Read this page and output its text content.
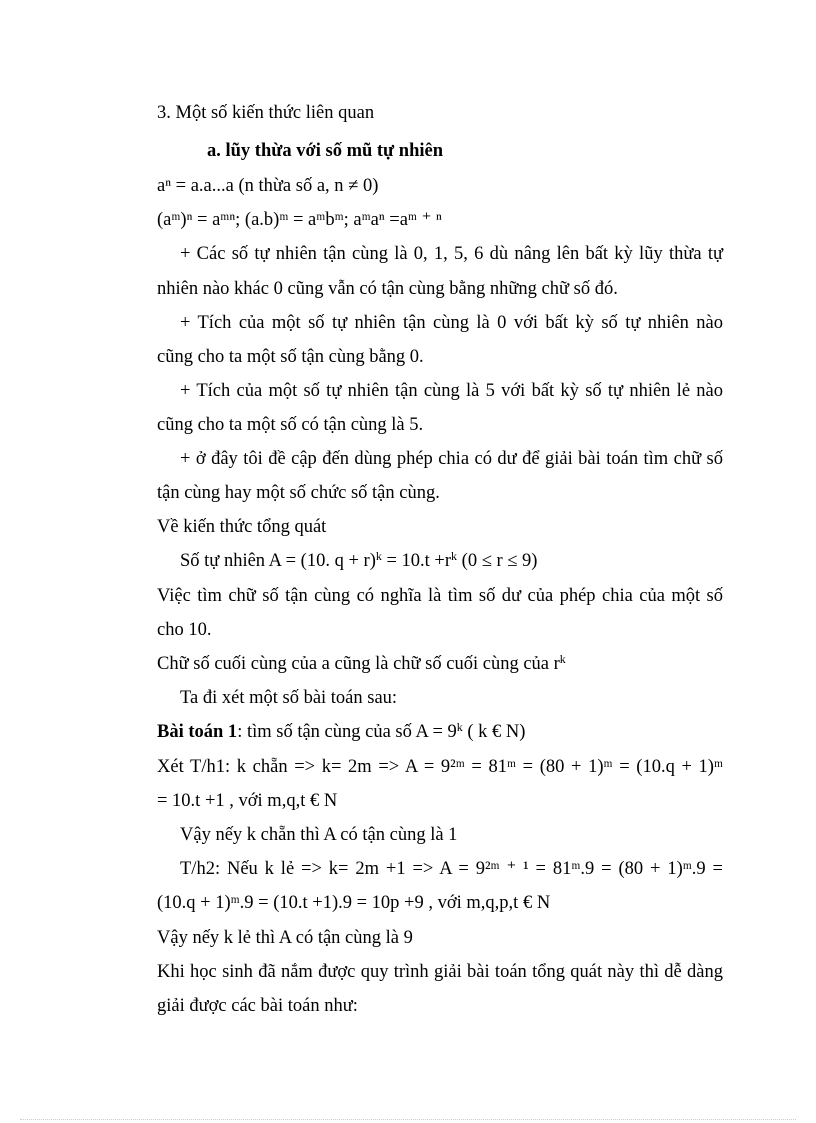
3. Một số kiến thức liên quan
a. lũy thừa với số mũ tự nhiên
aⁿ = a.a...a (n thừa số a, n ≠ 0)
(aᵐ)ⁿ = aᵐⁿ; (a.b)ᵐ = aᵐbᵐ; aᵐaⁿ =aᵐ ⁺ ⁿ
+ Các số tự nhiên tận cùng là 0, 1, 5, 6 dù nâng lên bất kỳ lũy thừa tự
nhiên nào khác 0 cũng vẫn có tận cùng bằng những chữ số đó.
+ Tích của một số tự nhiên tận cùng là 0 với bất kỳ số tự nhiên nào
cũng cho ta một số tận cùng bằng 0.
+ Tích của một số tự nhiên tận cùng là 5 với bất kỳ số tự nhiên lẻ nào
cũng cho ta một số có tận cùng là 5.
+ ở đây tôi đề cập đến dùng phép chia có dư để giải bài toán tìm chữ số
tận cùng hay một số chức số tận cùng.
Về kiến thức tổng quát
Số tự nhiên A = (10. $q + r)^k = 10.t +r^k$ (0 ≤ r ≤ 9)
Việc tìm chữ số tận cùng có nghĩa là tìm số dư của phép chia của một số
cho 10.
Chữ số cuối cùng của a cũng là chữ số cuối cùng của $r^k$
Ta đi xét một số bài toán sau:
Bài toán 1: tìm số tận cùng của số $A = 9^k$ ( k € N)
Xét T/h1: k chẵn => k= 2m => A = 9²ᵐ = 81ᵐ = (80 + 1)ᵐ = (10.q + 1)ᵐ
= 10.t +1 , với m,q,t € N
Vậy nếy k chẵn thì A có tận cùng là 1
T/h2: Nếu k lẻ => k= 2m +1 => A = 9²ᵐ ⁺ ¹ = 81ᵐ.9 = (80 + 1)ᵐ.9 =
(10.q + 1)ᵐ.9 = (10.t +1).9 = 10p +9 , với m,q,p,t € N
Vậy nếy k lẻ thì A có tận cùng là 9
Khi học sinh đã nắm được quy trình giải bài toán tổng quát này thì dễ dàng
giải được các bài toán như:
